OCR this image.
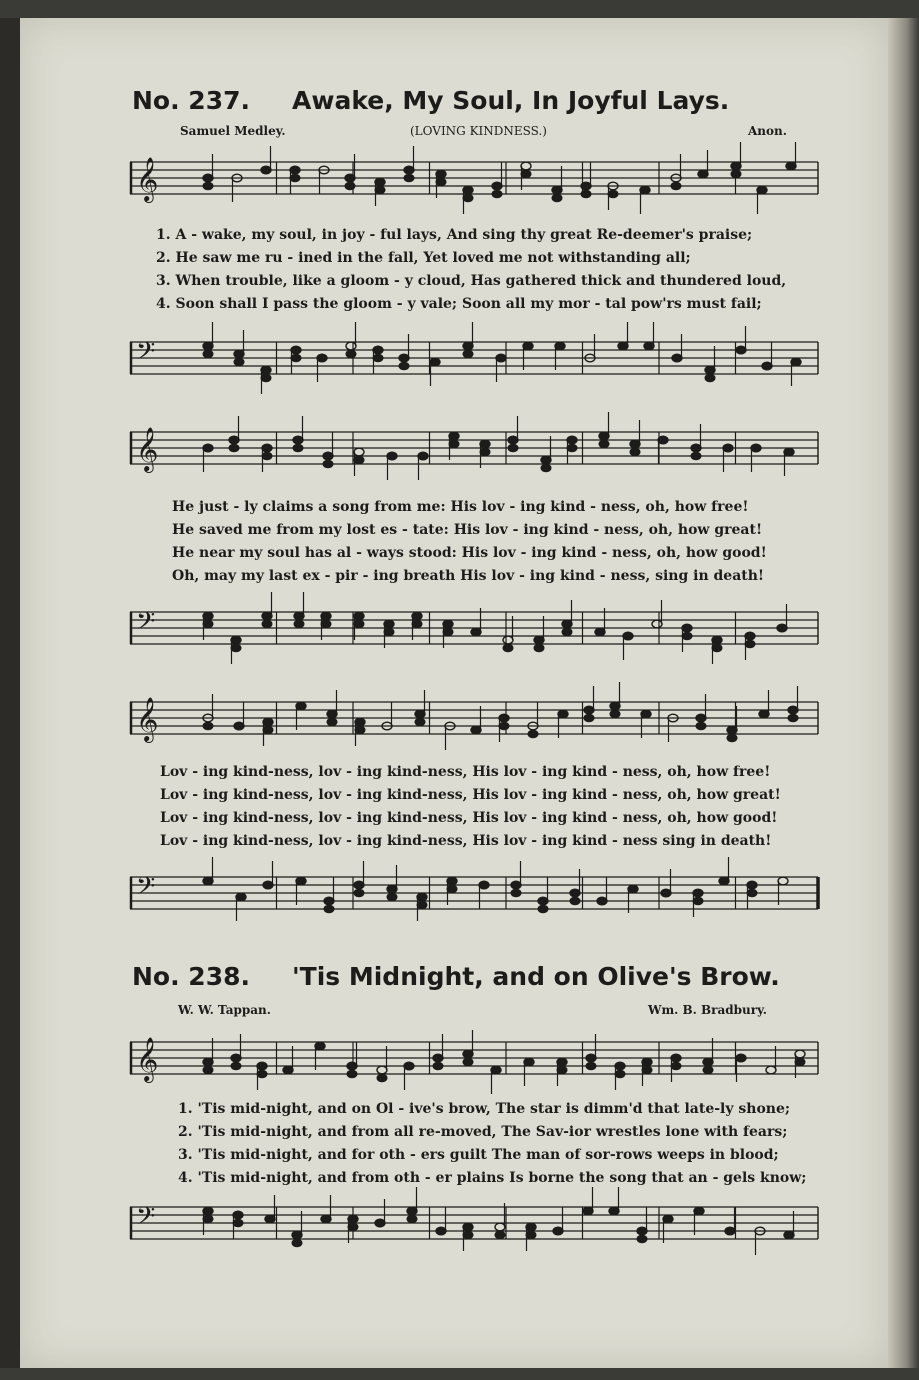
No. 237. Awake, My Soul, In Joyful Lays.
Samuel Medley.	(LOVING KINDNESS.)	Anon.
𝄞
1. A - wake, my soul, in joy - ful lays, And sing thy great Re-deemer's praise;
2. He saw me ru - ined in the fall, Yet loved me not withstanding all;
3. When trouble, like a gloom - y cloud, Has gathered thick and thundered loud,
4. Soon shall I pass the gloom - y vale; Soon all my mor - tal pow'rs must fail;
𝄢
𝄞
He just - ly claims a song from me: His lov - ing kind - ness, oh, how free!
He saved me from my lost es - tate: His lov - ing kind - ness, oh, how great!
He near my soul has al - ways stood: His lov - ing kind - ness, oh, how good!
Oh, may my last ex - pir - ing breath His lov - ing kind - ness, sing in death!
𝄢
𝄞
Lov - ing kind-ness, lov - ing kind-ness, His lov - ing kind - ness, oh, how free!
Lov - ing kind-ness, lov - ing kind-ness, His lov - ing kind - ness, oh, how great!
Lov - ing kind-ness, lov - ing kind-ness, His lov - ing kind - ness, oh, how good!
Lov - ing kind-ness, lov - ing kind-ness, His lov - ing kind - ness sing in death!
𝄢
No. 238. 'Tis Midnight, and on Olive's Brow.
W. W. Tappan.	Wm. B. Bradbury.
𝄞
1. 'Tis mid-night, and on Ol - ive's brow, The star is dimm'd that late-ly shone;
2. 'Tis mid-night, and from all re-moved, The Sav-ior wrestles lone with fears;
3. 'Tis mid-night, and for oth - ers guilt The man of sor-rows weeps in blood;
4. 'Tis mid-night, and from oth - er plains Is borne the song that an - gels know;
𝄢
